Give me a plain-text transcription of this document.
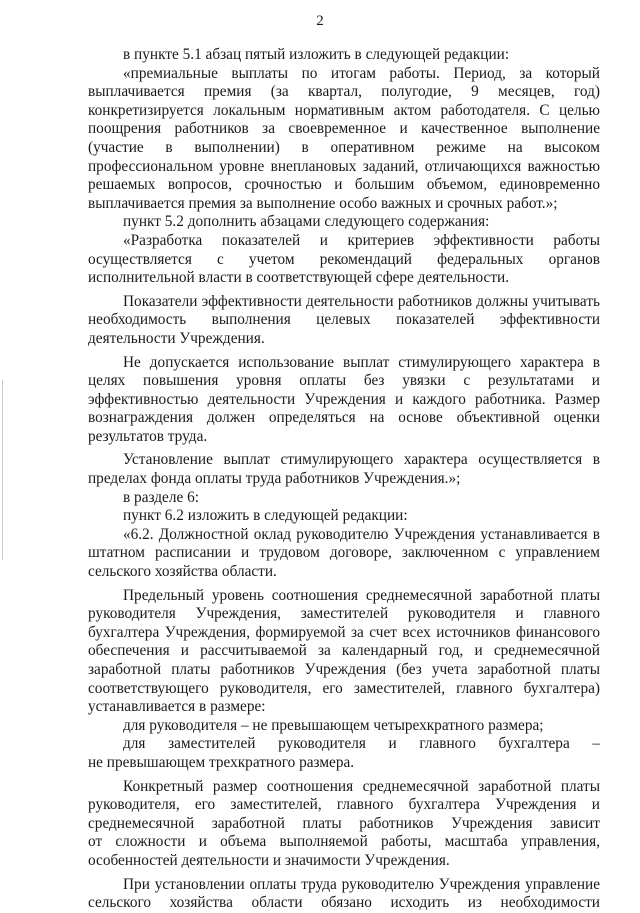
2
в пункте 5.1 абзац пятый изложить в следующей редакции:
«премиальные выплаты по итогам работы. Период, за который
выплачивается премия (за квартал, полугодие, 9 месяцев, год)
конкретизируется локальным нормативным актом работодателя. С целью
поощрения работников за своевременное и качественное выполнение
(участие в выполнении) в оперативном режиме на высоком
профессиональном уровне внеплановых заданий, отличающихся важностью
решаемых вопросов, срочностью и большим объемом, единовременно
выплачивается премия за выполнение особо важных и срочных работ.»;
пункт 5.2 дополнить абзацами следующего содержания:
«Разработка показателей и критериев эффективности работы
осуществляется с учетом рекомендаций федеральных органов
исполнительной власти в соответствующей сфере деятельности.
Показатели эффективности деятельности работников должны учитывать
необходимость выполнения целевых показателей эффективности
деятельности Учреждения.
Не допускается использование выплат стимулирующего характера в
целях повышения уровня оплаты без увязки с результатами и
эффективностью деятельности Учреждения и каждого работника. Размер
вознаграждения должен определяться на основе объективной оценки
результатов труда.
Установление выплат стимулирующего характера осуществляется в
пределах фонда оплаты труда работников Учреждения.»;
в разделе 6:
пункт 6.2 изложить в следующей редакции:
«6.2. Должностной оклад руководителю Учреждения устанавливается в
штатном расписании и трудовом договоре, заключенном с управлением
сельского хозяйства области.
Предельный уровень соотношения среднемесячной заработной платы
руководителя Учреждения, заместителей руководителя и главного
бухгалтера Учреждения, формируемой за счет всех источников финансового
обеспечения и рассчитываемой за календарный год, и среднемесячной
заработной платы работников Учреждения (без учета заработной платы
соответствующего руководителя, его заместителей, главного бухгалтера)
устанавливается в размере:
для руководителя – не превышающем четырехкратного размера;
для заместителей руководителя и главного бухгалтера –
не превышающем трехкратного размера.
Конкретный размер соотношения среднемесячной заработной платы
руководителя, его заместителей, главного бухгалтера Учреждения и
среднемесячной заработной платы работников Учреждения зависит
от сложности и объема выполняемой работы, масштаба управления,
особенностей деятельности и значимости Учреждения.
При установлении оплаты труда руководителю Учреждения управление
сельского хозяйства области обязано исходить из необходимости
